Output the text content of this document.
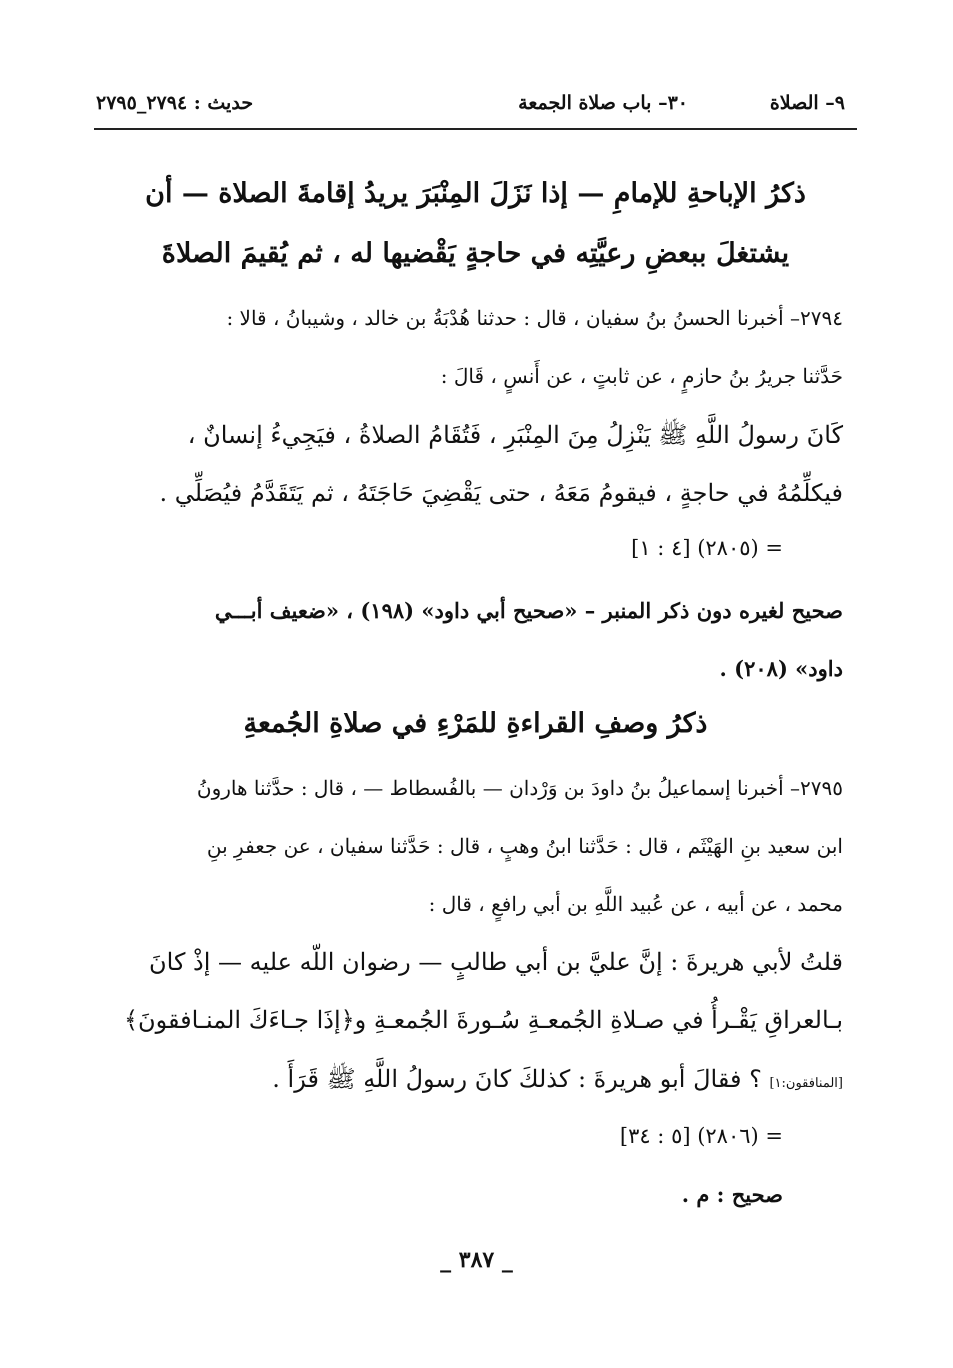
٩– الصلاة
٣٠– باب صلاة الجمعة
حديث : ٢٧٩٤_٢٧٩٥
ذكرُ الإباحةِ للإمامِ — إذا نَزَلَ المِنْبَرَ يريدُ إقامةَ الصلاة — أن
يشتغلَ ببعضِ رعيَّتِه في حاجةٍ يَقْضيها له ، ثم يُقيمَ الصلاةَ
٢٧٩٤– أخبرنا الحسنُ بنُ سفيان ، قال : حدثنا هُدْبَةُ بن خالد ، وشيبانُ ، قالا :
حَدَّثنا جريرُ بنُ حازمٍ ، عن ثابتٍ ، عن أَنسٍ ، قَالَ :
كَانَ رسولُ اللَّهِ ﷺ يَنْزِلُ مِنَ المِنْبَرِ ، فَتُقَامُ الصلاةُ ، فيَجِيءُ إنسانٌ ،
فيكلِّمُهُ في حاجةٍ ، فيقومُ مَعَهُ ، حتى يَقْضِيَ حَاجَتَهُ ، ثم يَتَقَدَّمُ فيُصَلِّي .
= (٢٨٠٥) [٤ : ١]
صحيح لغيره دون ذكر المنبر – «صحيح أبي داود» (١٩٨) ، «ضعيف أبـــي
داود» (٢٠٨) .
ذكرُ وصفِ القراءةِ للمَرْءِ في صلاةِ الجُمعةِ
٢٧٩٥– أخبرنا إسماعيلُ بنُ داودَ بن وَرْدان — بالفُسطاط — ، قال : حدَّثنا هارونُ
ابن سعيد بنِ الهَيْثَم ، قال : حَدَّثنا ابنُ وهبٍ ، قال : حَدَّثنا سفيان ، عن جعفرِ بنِ
محمد ، عن أبيه ، عن عُبيد اللَّهِ بن أبي رافعٍ ، قال :
قلتُ لأبي هريرةَ : إنَّ عليَّ بن أبي طالبٍ — رضوان اللّه عليه — إذْ كانَ
بـالعراقِ يَقْـرأُ في صـلاةِ الجُمعـةِ سُـورةَ الجُمعـةِ و﴿إذَا جـاءَكَ المنـافقونَ﴾
[المنافقون:١] ؟ فقالَ أبو هريرةَ : كذلكَ كانَ رسولُ اللَّهِ ﷺ قَرَأَ .
= (٢٨٠٦) [٥ : ٣٤]
صحيح : م .
_ ٣٨٧ _
